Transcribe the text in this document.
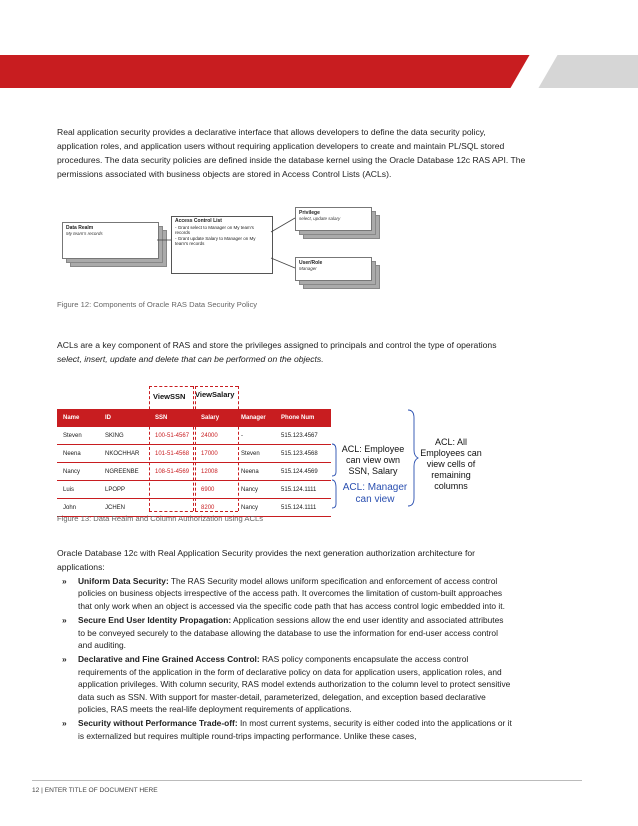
Real application security provides a declarative interface that allows developers to define the data security policy, application roles, and application users without requiring application developers to create and maintain PL/SQL stored procedures. The data security policies are defined inside the database kernel using the Oracle Database 12c RAS API. The permissions associated with business objects are stored in Access Control Lists (ACLs).

Data Realm
My team's records
Access Control List
- Grant select to Manager on My team's
records
- Grant update Salary to Manager on My
team's records
Privilege
select, update salary
User/Role
Manager
Figure 12: Components of Oracle RAS Data Security Policy

ACLs are a key component of RAS and store the privileges assigned to principals and control the type of operations

select, insert, update and delete that can be performed on the objects.

ViewSSN ViewSalary
Name	ID	SSN	Salary	Manager	Phone Num
Steven	SKING	100-51-4567	24000	-	515.123.4567
Neena	NKOCHHAR	101-51-4568	17000	Steven	515.123.4568
Nancy	NGREENBE	108-51-4569	12008	Neena	515.124.4569
Luis	LPOPP		6900	Nancy	515.124.1111
John	JCHEN		8200	Nancy	515.124.1111
ACL: Employee
can view own
SSN, Salary
ACL: Manager
can view
ACL: All
Employees can
view cells of
remaining
columns
Figure 13: Data Realm and Column Authorization using ACLs

Oracle Database 12c with Real Application Security provides the next generation authorization architecture for applications:

» Uniform Data Security: The RAS Security model allows uniform specification and enforcement of access control policies on business objects irrespective of the access path. It overcomes the limitation of custom-built approaches that only work when an object is accessed via the specific code path that has access control logic embedded into it.
» Secure End User Identity Propagation: Application sessions allow the end user identity and associated attributes to be conveyed securely to the database allowing the database to use the information for end-user access control and auditing.
» Declarative and Fine Grained Access Control: RAS policy components encapsulate the access control requirements of the application in the form of declarative policy on data for application users, application roles, and application privileges. With column security, RAS model extends authorization to the column level to protect sensitive data such as SSN. With support for master-detail, parameterized, delegation, and exception based declarative policies, RAS meets the real-life deployment requirements of applications.
» Security without Performance Trade-off: In most current systems, security is either coded into the applications or it is externalized but requires multiple round-trips impacting performance. Unlike these cases,
12 | ENTER TITLE OF DOCUMENT HERE
